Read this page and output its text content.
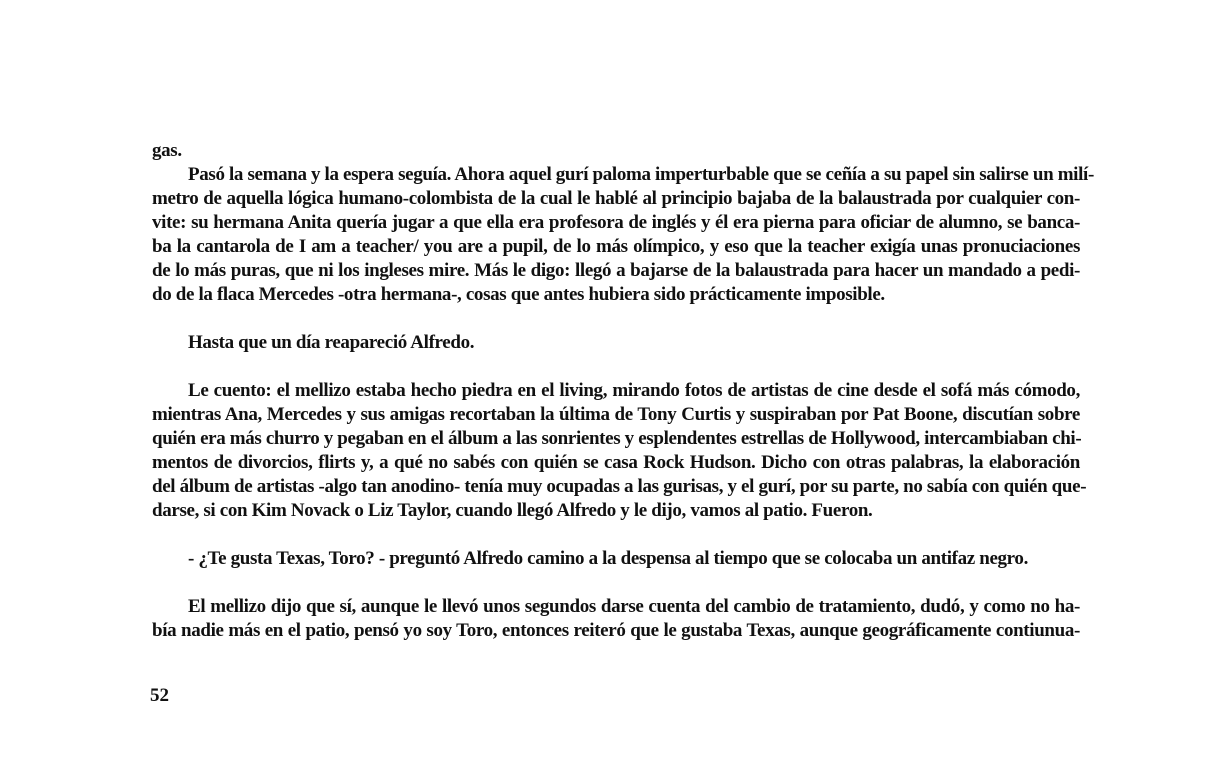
gas.
Pasó la semana y la espera seguía. Ahora aquel gurí paloma imperturbable que se ceñía a su papel sin salirse un milí-
metro de aquella lógica humano-colombista de la cual le hablé al principio bajaba de la balaustrada por cualquier con-
vite: su hermana Anita quería jugar a que ella era profesora de inglés y él era pierna para oficiar de alumno, se banca-
ba la cantarola de I am a teacher/ you are a pupil, de lo más olímpico, y eso que la teacher exigía unas pronuciaciones
de lo más puras, que ni los ingleses mire. Más le digo: llegó a bajarse de la balaustrada para hacer un mandado a pedi-
do de la flaca Mercedes -otra hermana-, cosas que antes hubiera sido prácticamente imposible.
Hasta que un día reapareció Alfredo.
Le cuento: el mellizo estaba hecho piedra en el living, mirando fotos de artistas de cine desde el sofá más cómodo,
mientras Ana, Mercedes y sus amigas recortaban la última de Tony Curtis y suspiraban por Pat Boone, discutían sobre
quién era más churro y pegaban en el álbum a las sonrientes y esplendentes estrellas de Hollywood, intercambiaban chi-
mentos de divorcios, flirts y, a qué no sabés con quién se casa Rock Hudson. Dicho con otras palabras, la elaboración
del álbum de artistas -algo tan anodino- tenía muy ocupadas a las gurisas, y el gurí, por su parte, no sabía con quién que-
darse, si con Kim Novack o Liz Taylor, cuando llegó Alfredo y le dijo, vamos al patio. Fueron.
- ¿Te gusta Texas, Toro? - preguntó Alfredo camino a la despensa al tiempo que se colocaba un antifaz negro.
El mellizo dijo que sí, aunque le llevó unos segundos darse cuenta del cambio de tratamiento, dudó, y como no ha-
bía nadie más en el patio, pensó yo soy Toro, entonces reiteró que le gustaba Texas, aunque geográficamente contiunua-
52
